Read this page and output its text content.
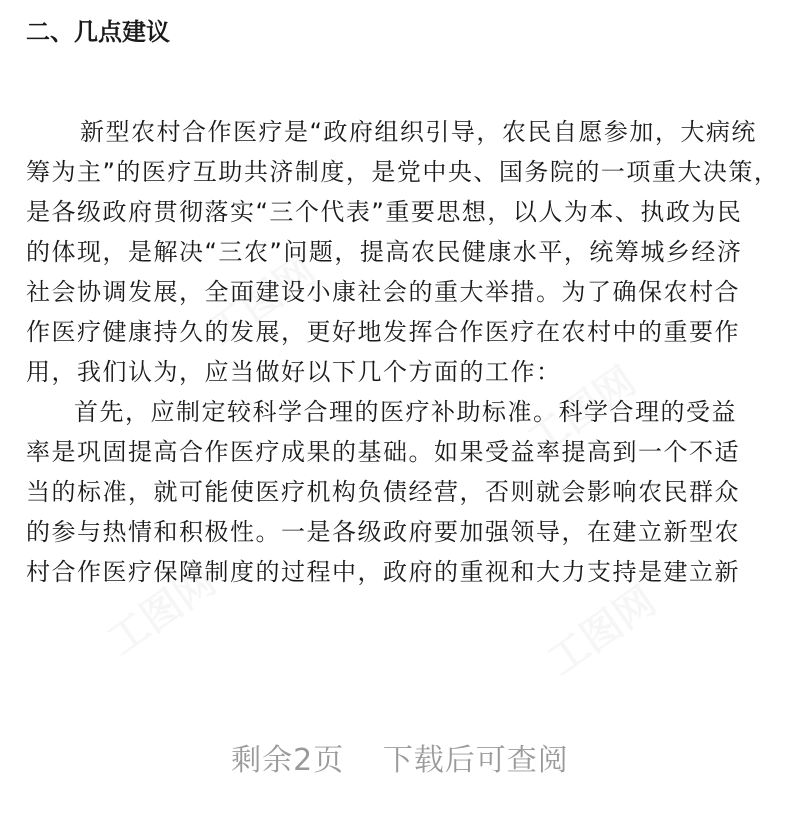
二、几点建议

新型农村合作医疗是“政府组织引导，农民自愿参加，大病统

筹为主”的医疗互助共济制度，是党中央、国务院的一项重大决策，

是各级政府贯彻落实“三个代表”重要思想，以人为本、执政为民

的体现，是解决“三农”问题，提高农民健康水平，统筹城乡经济

社会协调发展，全面建设小康社会的重大举措。为了确保农村合

作医疗健康持久的发展，更好地发挥合作医疗在农村中的重要作

用，我们认为，应当做好以下几个方面的工作：

首先，应制定较科学合理的医疗补助标准。科学合理的受益

率是巩固提高合作医疗成果的基础。如果受益率提高到一个不适

当的标准，就可能使医疗机构负债经营，否则就会影响农民群众

的参与热情和积极性。一是各级政府要加强领导，在建立新型农

村合作医疗保障制度的过程中，政府的重视和大力支持是建立新

剩余2页 下载后可查阅
